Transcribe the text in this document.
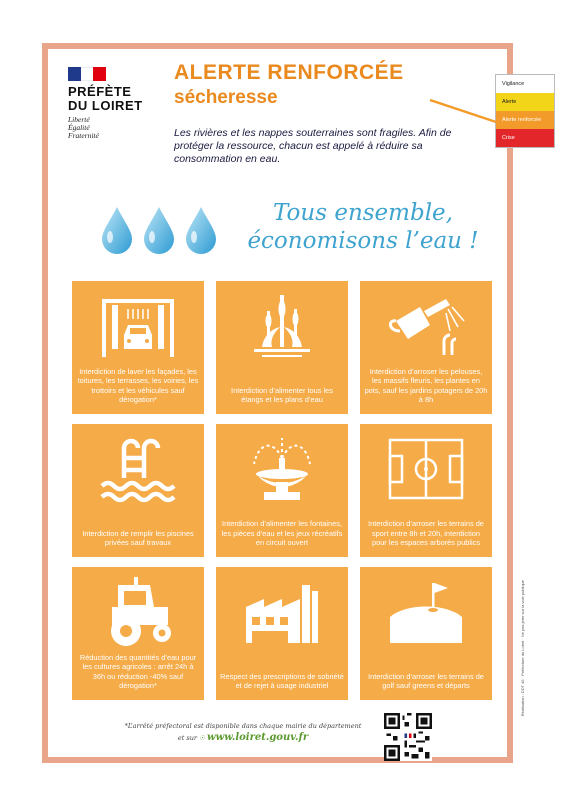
PRÉFÈTE
DU LOIRET
Liberté
Égalité
Fraternité
ALERTE RENFORCÉE
sécheresse
Les rivières et les nappes souterraines sont fragiles. Afin de protéger la ressource, chacun est appelé à réduire sa consommation en eau.
Tous ensemble,
économisons l’eau !
Interdiction de laver les façades, les toitures, les terrasses, les voiries, les trottoirs et les véhicules sauf dérogation*
Interdiction d’alimenter tous les étangs et les plans d’eau
Interdiction d’arroser les pelouses, les massifs fleuris, les plantes en pots, sauf les jardins potagers de 20h à 8h
Interdiction de remplir les piscines privées sauf travaux
Interdiction d’alimenter les fontaines, les pièces d’eau et les jeux récréatifs en circuit ouvert
Interdiction d’arroser les terrains de sport entre 8h et 20h, interdiction pour les espaces arborés publics
Réduction des quantités d’eau pour les cultures agricoles : arrêt 24h à 36h ou réduction -40% sauf dérogation*
Respect des prescriptions de sobriété et de rejet à usage industriel
Interdiction d’arroser les terrains de golf sauf greens et départs
*L’arrêté préfectoral est disponible dans chaque mairie du département
et sur ☉ www.loiret.gouv.fr
Vigilance
Alerte
Alerte renforcée
Crise
Réalisation : DDT 45 · Préfecture du Loiret · Ne pas jeter sur la voie publique
